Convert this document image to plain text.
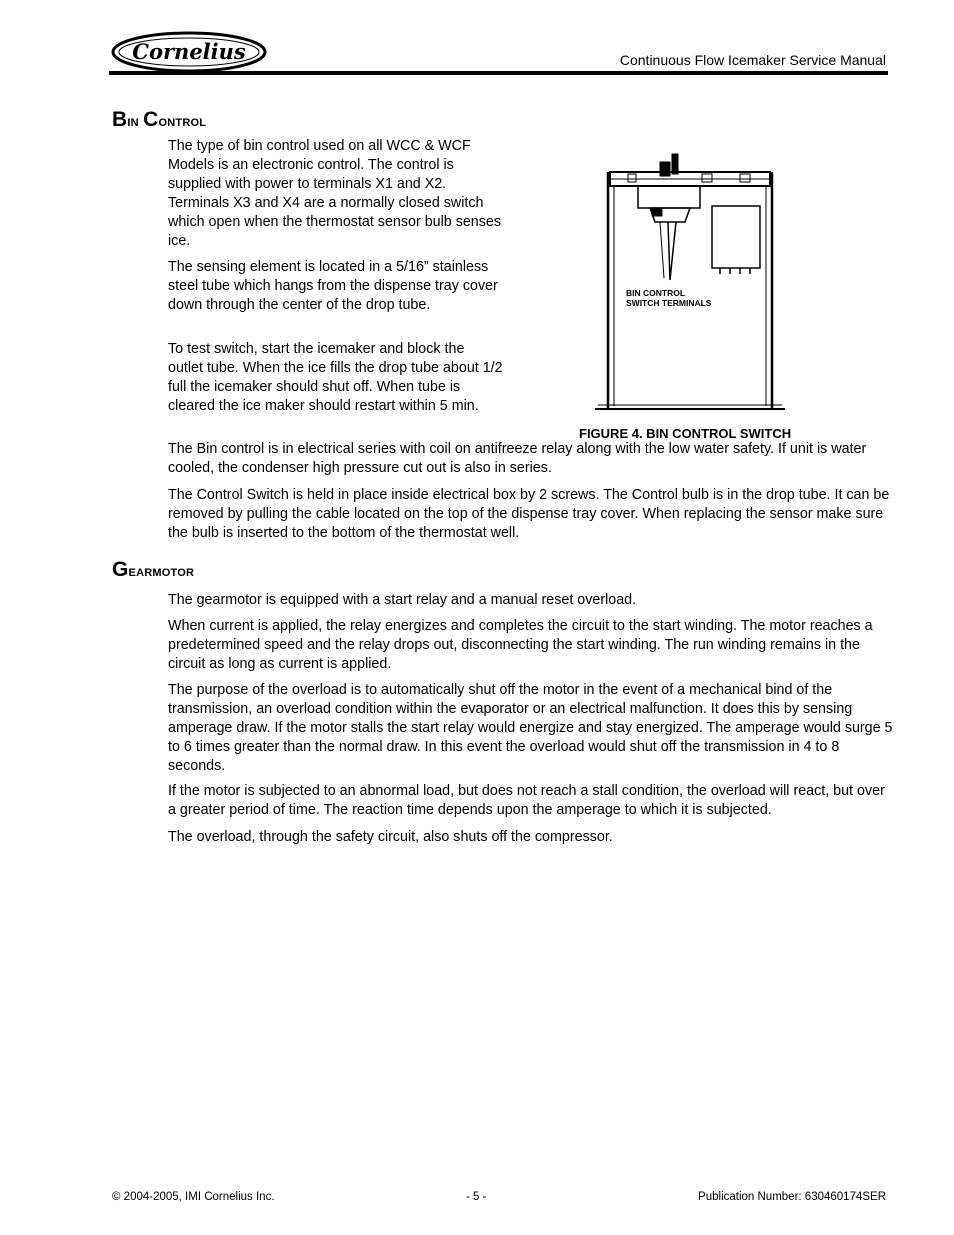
Cornelius	Continuous Flow Icemaker Service Manual
Bin Control

The type of bin control used on all WCC & WCF Models is an electronic control. The control is supplied with power to terminals X1 and X2. Terminals X3 and X4 are a normally closed switch which open when the thermostat sensor bulb senses ice.

The sensing element is located in a 5/16” stainless steel tube which hangs from the dispense tray cover down through the center of the drop tube.

To test switch, start the icemaker and block the outlet tube. When the ice fills the drop tube about 1/2 full the icemaker should shut off. When tube is cleared the ice maker should restart within 5 min.

BIN CONTROL
SWITCH TERMINALS
FIGURE 4. BIN CONTROL SWITCH

The Bin control is in electrical series with coil on antifreeze relay along with the low water safety. If unit is water cooled, the condenser high pressure cut out is also in series.

The Control Switch is held in place inside electrical box by 2 screws. The Control bulb is in the drop tube. It can be removed by pulling the cable located on the top of the dispense tray cover. When replacing the sensor make sure the bulb is inserted to the bottom of the thermostat well.

Gearmotor

The gearmotor is equipped with a start relay and a manual reset overload.

When current is applied, the relay energizes and completes the circuit to the start winding. The motor reaches a predetermined speed and the relay drops out, disconnecting the start winding. The run winding remains in the circuit as long as current is applied.

The purpose of the overload is to automatically shut off the motor in the event of a mechanical bind of the transmission, an overload condition within the evaporator or an electrical malfunction. It does this by sensing amperage draw. If the motor stalls the start relay would energize and stay energized. The amperage would surge 5 to 6 times greater than the normal draw. In this event the overload would shut off the transmission in 4 to 8 seconds.

If the motor is subjected to an abnormal load, but does not reach a stall condition, the overload will react, but over a greater period of time. The reaction time depends upon the amperage to which it is subjected.

The overload, through the safety circuit, also shuts off the compressor.

© 2004-2005, IMI Cornelius Inc.	- 5 -	Publication Number: 630460174SER
